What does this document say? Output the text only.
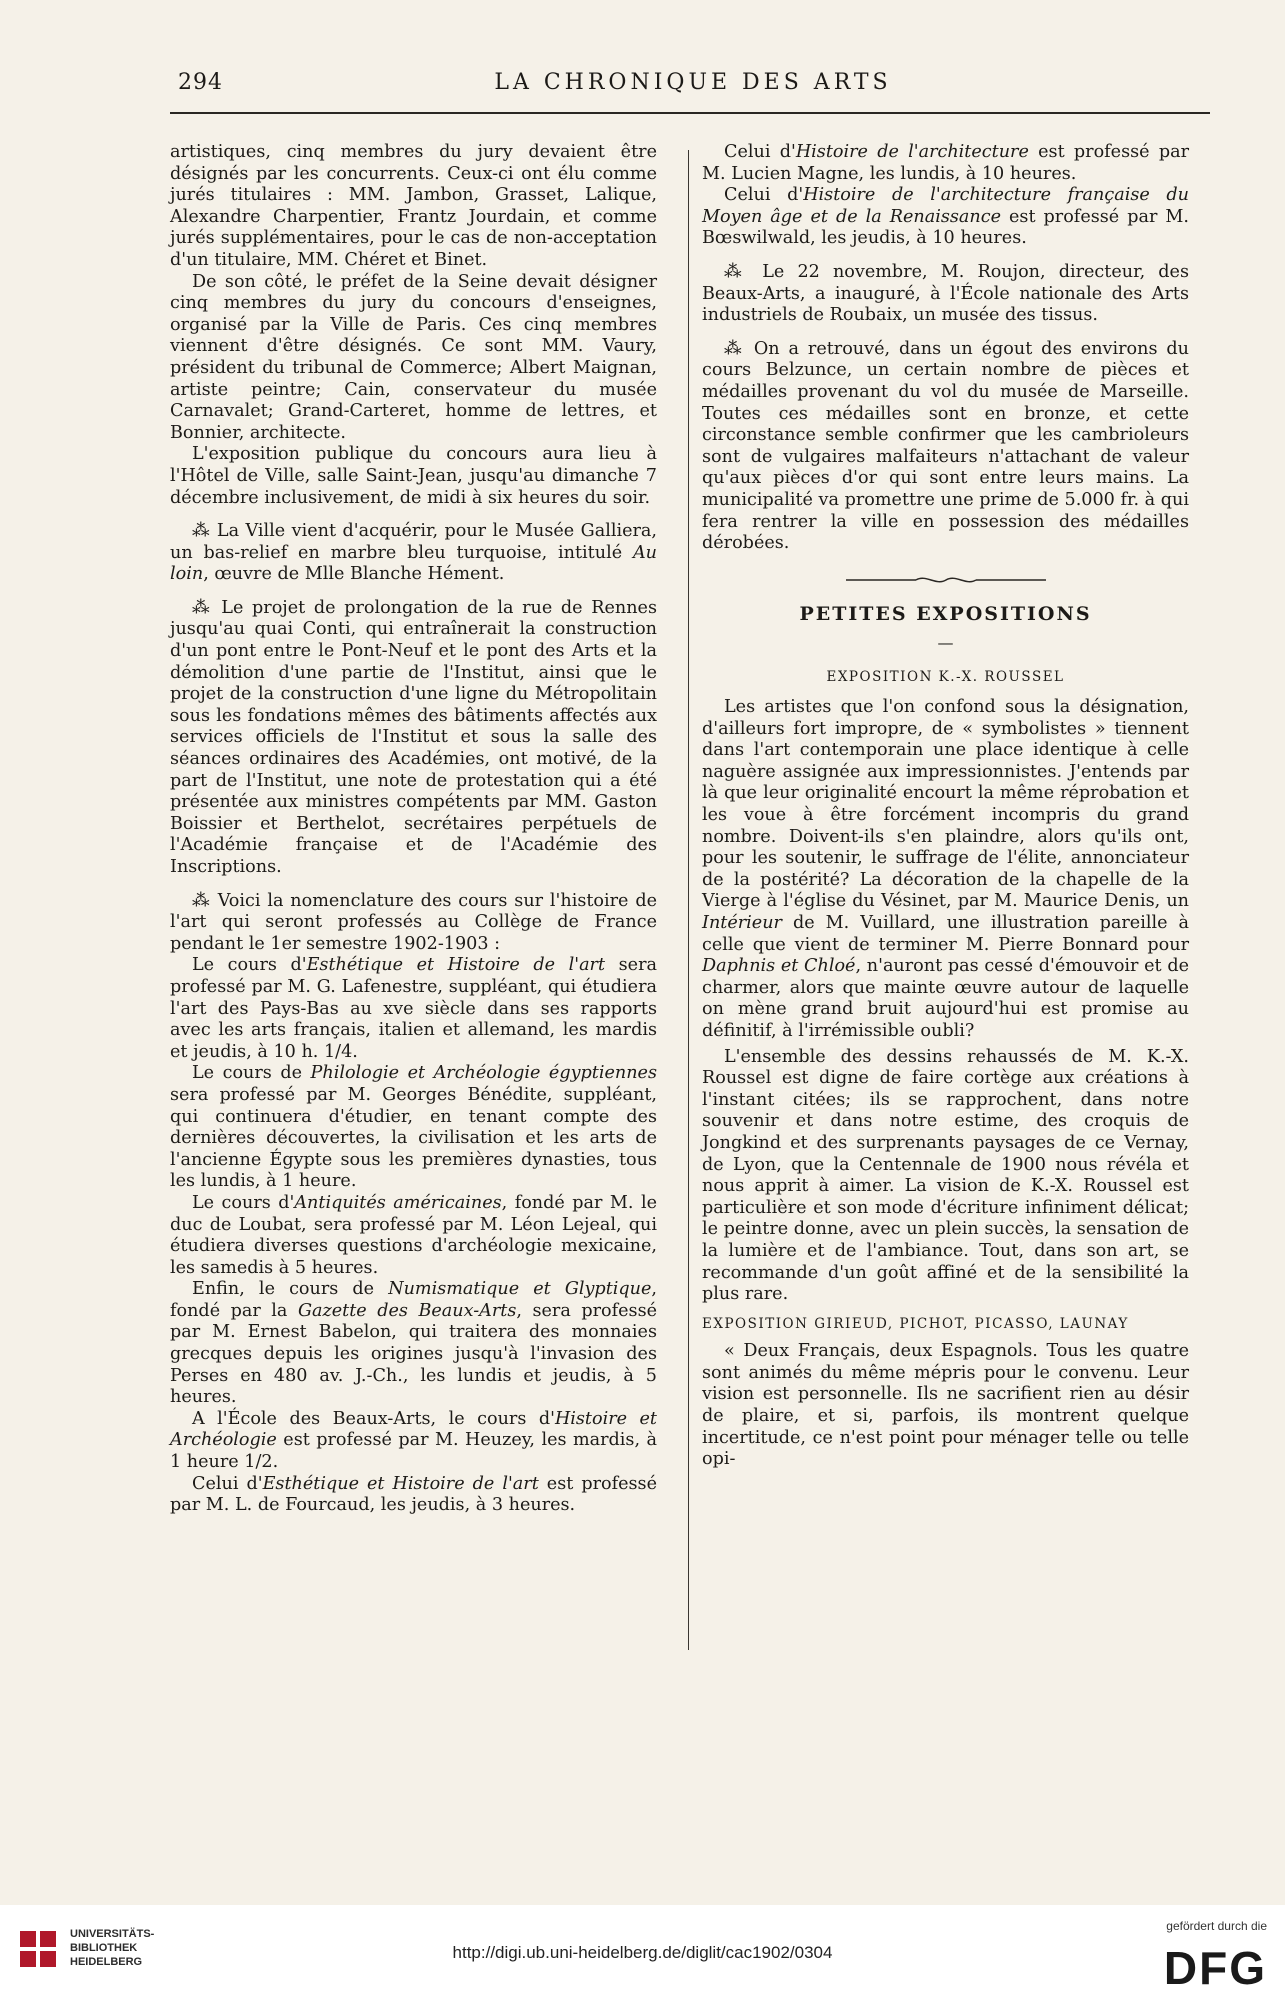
294	LA CHRONIQUE DES ARTS

artistiques, cinq membres du jury devaient être désignés par les concurrents. Ceux-ci ont élu comme jurés titulaires : MM. Jambon, Grasset, Lalique, Alexandre Charpentier, Frantz Jourdain, et comme jurés supplémentaires, pour le cas de non-acceptation d'un titulaire, MM. Chéret et Binet.

De son côté, le préfet de la Seine devait désigner cinq membres du jury du concours d'enseignes, organisé par la Ville de Paris. Ces cinq membres viennent d'être désignés. Ce sont MM. Vaury, président du tribunal de Commerce; Albert Maignan, artiste peintre; Cain, conservateur du musée Carnavalet; Grand-Carteret, homme de lettres, et Bonnier, architecte.

L'exposition publique du concours aura lieu à l'Hôtel de Ville, salle Saint-Jean, jusqu'au dimanche 7 décembre inclusivement, de midi à six heures du soir.

⁂ La Ville vient d'acquérir, pour le Musée Galliera, un bas-relief en marbre bleu turquoise, intitulé Au loin, œuvre de Mlle Blanche Hément.

⁂ Le projet de prolongation de la rue de Rennes jusqu'au quai Conti, qui entraînerait la construction d'un pont entre le Pont-Neuf et le pont des Arts et la démolition d'une partie de l'Institut, ainsi que le projet de la construction d'une ligne du Métropolitain sous les fondations mêmes des bâtiments affectés aux services officiels de l'Institut et sous la salle des séances ordinaires des Académies, ont motivé, de la part de l'Institut, une note de protestation qui a été présentée aux ministres compétents par MM. Gaston Boissier et Berthelot, secrétaires perpétuels de l'Académie française et de l'Académie des Inscriptions.

⁂ Voici la nomenclature des cours sur l'histoire de l'art qui seront professés au Collège de France pendant le 1er semestre 1902-1903 :

Le cours d'Esthétique et Histoire de l'art sera professé par M. G. Lafenestre, suppléant, qui étudiera l'art des Pays-Bas au xve siècle dans ses rapports avec les arts français, italien et allemand, les mardis et jeudis, à 10 h. 1/4.

Le cours de Philologie et Archéologie égyptiennes sera professé par M. Georges Bénédite, suppléant, qui continuera d'étudier, en tenant compte des dernières découvertes, la civilisation et les arts de l'ancienne Égypte sous les premières dynasties, tous les lundis, à 1 heure.

Le cours d'Antiquités américaines, fondé par M. le duc de Loubat, sera professé par M. Léon Lejeal, qui étudiera diverses questions d'archéologie mexicaine, les samedis à 5 heures.

Enfin, le cours de Numismatique et Glyptique, fondé par la Gazette des Beaux-Arts, sera professé par M. Ernest Babelon, qui traitera des monnaies grecques depuis les origines jusqu'à l'invasion des Perses en 480 av. J.-Ch., les lundis et jeudis, à 5 heures.

A l'École des Beaux-Arts, le cours d'Histoire et Archéologie est professé par M. Heuzey, les mardis, à 1 heure 1/2.

Celui d'Esthétique et Histoire de l'art est professé par M. L. de Fourcaud, les jeudis, à 3 heures.

Celui d'Histoire de l'architecture est professé par M. Lucien Magne, les lundis, à 10 heures.

Celui d'Histoire de l'architecture française du Moyen âge et de la Renaissance est professé par M. Bœswilwald, les jeudis, à 10 heures.

⁂ Le 22 novembre, M. Roujon, directeur, des Beaux-Arts, a inauguré, à l'École nationale des Arts industriels de Roubaix, un musée des tissus.

⁂ On a retrouvé, dans un égout des environs du cours Belzunce, un certain nombre de pièces et médailles provenant du vol du musée de Marseille. Toutes ces médailles sont en bronze, et cette circonstance semble confirmer que les cambrioleurs sont de vulgaires malfaiteurs n'attachant de valeur qu'aux pièces d'or qui sont entre leurs mains. La municipalité va promettre une prime de 5.000 fr. à qui fera rentrer la ville en possession des médailles dérobées.

PETITES EXPOSITIONS
—
EXPOSITION K.-X. ROUSSEL

Les artistes que l'on confond sous la désignation, d'ailleurs fort impropre, de « symbolistes » tiennent dans l'art contemporain une place identique à celle naguère assignée aux impressionnistes. J'entends par là que leur originalité encourt la même réprobation et les voue à être forcément incompris du grand nombre. Doivent-ils s'en plaindre, alors qu'ils ont, pour les soutenir, le suffrage de l'élite, annonciateur de la postérité? La décoration de la chapelle de la Vierge à l'église du Vésinet, par M. Maurice Denis, un Intérieur de M. Vuillard, une illustration pareille à celle que vient de terminer M. Pierre Bonnard pour Daphnis et Chloé, n'auront pas cessé d'émouvoir et de charmer, alors que mainte œuvre autour de laquelle on mène grand bruit aujourd'hui est promise au définitif, à l'irrémissible oubli?

L'ensemble des dessins rehaussés de M. K.-X. Roussel est digne de faire cortège aux créations à l'instant citées; ils se rapprochent, dans notre souvenir et dans notre estime, des croquis de Jongkind et des surprenants paysages de ce Vernay, de Lyon, que la Centennale de 1900 nous révéla et nous apprit à aimer. La vision de K.-X. Roussel est particulière et son mode d'écriture infiniment délicat; le peintre donne, avec un plein succès, la sensation de la lumière et de l'ambiance. Tout, dans son art, se recommande d'un goût affiné et de la sensibilité la plus rare.

EXPOSITION GIRIEUD, PICHOT, PICASSO, LAUNAY

« Deux Français, deux Espagnols. Tous les quatre sont animés du même mépris pour le convenu. Leur vision est personnelle. Ils ne sacrifient rien au désir de plaire, et si, parfois, ils montrent quelque incertitude, ce n'est point pour ménager telle ou telle opi-

UNIVERSITÄTS-
BIBLIOTHEK
HEIDELBERG	http://digi.ub.uni-heidelberg.de/diglit/cac1902/0304
gefördert durch die
DFG
